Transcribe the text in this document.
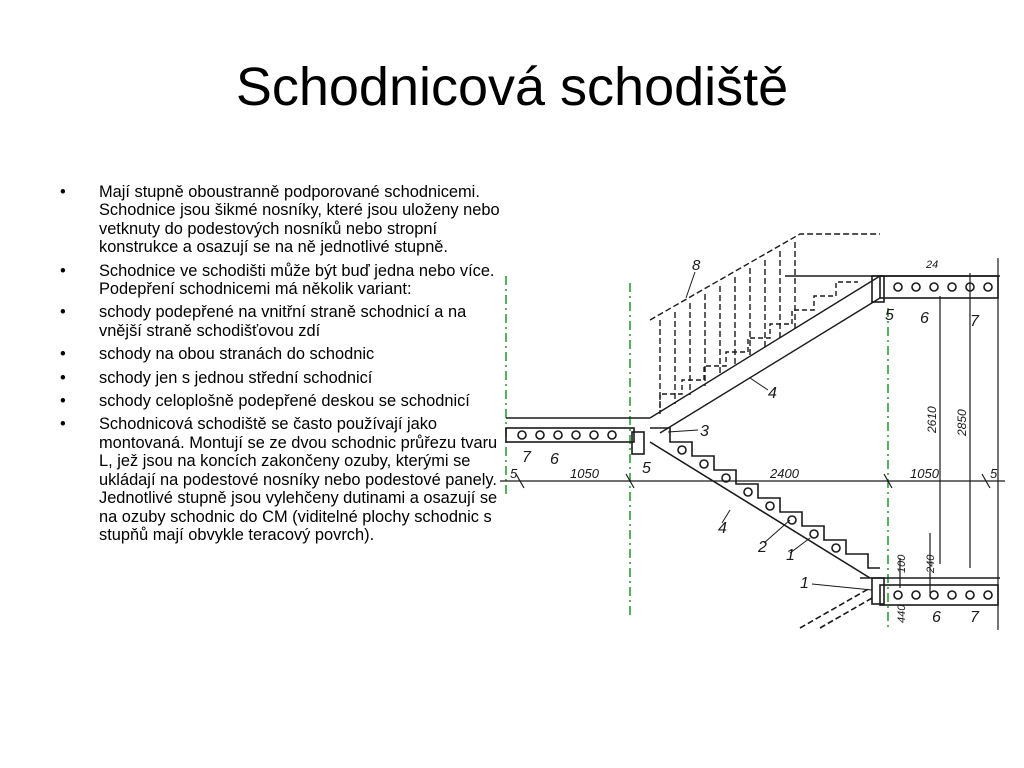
Schodnicová schodiště
• Mají stupně oboustranně podporované schodnicemi. Schodnice jsou šikmé nosníky, které jsou uloženy nebo vetknuty do podestových nosníků nebo stropní konstrukce a osazují se na ně jednotlivé stupně.
• Schodnice ve schodišti může být buď jedna nebo více. Podepření schodnicemi má několik variant:
• schody podepřené na vnitřní straně schodnicí a na vnější straně schodišťovou zdí
• schody na obou stranách do schodnic
• schody jen s jednou střední schodnicí
• schody celoplošně podepřené deskou se schodnicí
• Schodnicová schodiště se často používají jako montovaná. Montují se ze dvou schodnic průřezu tvaru L, jež jsou na koncích zakončeny ozuby, kterými se ukládají na podestové nosníky nebo podestové panely. Jednotlivé stupně jsou vylehčeny dutinami a osazují se na ozuby schodnic do CM (viditelné plochy schodnic s stupňů mají obvykle teracový povrch).
8	24
5 6	7
4
3
7 6
5
5	1050	2400	1050	5
2610 2850
4
2 1
1
100 240
440 6 7
